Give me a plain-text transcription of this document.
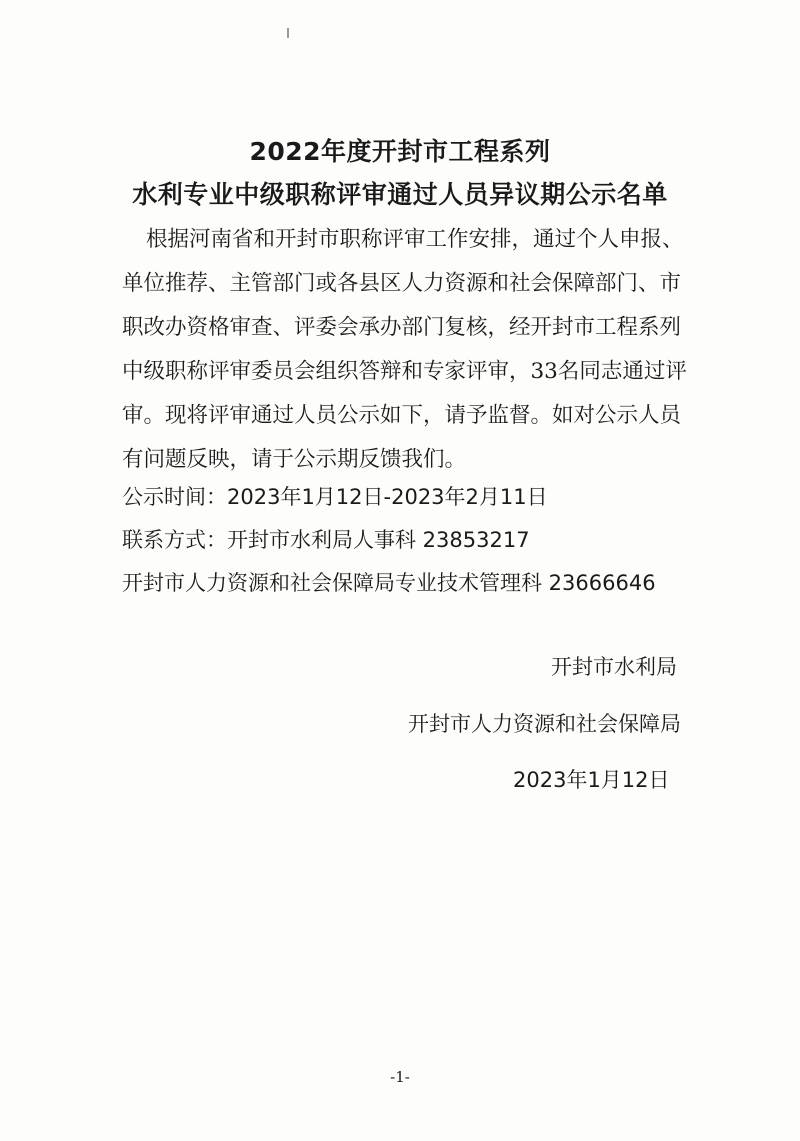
2022年度开封市工程系列
水利专业中级职称评审通过人员异议期公示名单
根据河南省和开封市职称评审工作安排，通过个人申报、
单位推荐、主管部门或各县区人力资源和社会保障部门、市
职改办资格审查、评委会承办部门复核，经开封市工程系列
中级职称评审委员会组织答辩和专家评审，33名同志通过评
审。现将评审通过人员公示如下，请予监督。如对公示人员
有问题反映，请于公示期反馈我们。
公示时间：2023年1月12日-2023年2月11日
联系方式：开封市水利局人事科 23853217
开封市人力资源和社会保障局专业技术管理科 23666646
开封市水利局
开封市人力资源和社会保障局
2023年1月12日
-1-
